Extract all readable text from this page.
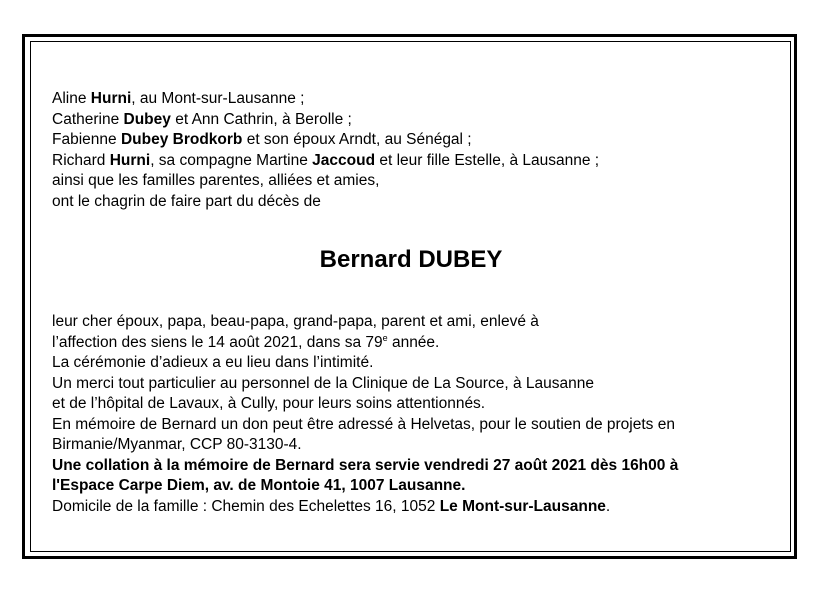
Aline Hurni, au Mont-sur-Lausanne ;
Catherine Dubey et Ann Cathrin, à Berolle ;
Fabienne Dubey Brodkorb et son époux Arndt, au Sénégal ;
Richard Hurni, sa compagne Martine Jaccoud et leur fille Estelle, à Lausanne ;
ainsi que les familles parentes, alliées et amies,
ont le chagrin de faire part du décès de
Bernard DUBEY
leur cher époux, papa, beau-papa, grand-papa, parent et ami, enlevé à
l’affection des siens le 14 août 2021, dans sa 79e année.
La cérémonie d’adieux a eu lieu dans l’intimité.
Un merci tout particulier au personnel de la Clinique de La Source, à Lausanne
et de l’hôpital de Lavaux, à Cully, pour leurs soins attentionnés.
En mémoire de Bernard un don peut être adressé à Helvetas, pour le soutien de projets en
Birmanie/Myanmar, CCP 80-3130-4.
Une collation à la mémoire de Bernard sera servie vendredi 27 août 2021 dès 16h00 à
l'Espace Carpe Diem, av. de Montoie 41, 1007 Lausanne.
Domicile de la famille : Chemin des Echelettes 16, 1052 Le Mont-sur-Lausanne.
